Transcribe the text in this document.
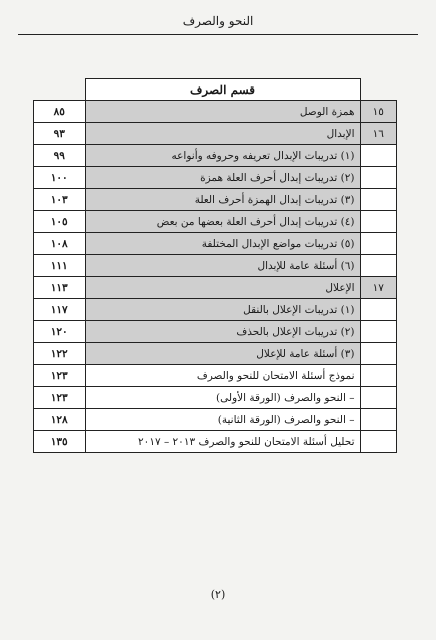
النحو والصرف
	قسم الصرف	
١٥	همزة الوصل	٨٥
١٦	الإبدال	٩٣
	(١) تدريبات الإبدال تعريفه وحروفه وأنواعه	٩٩
	(٢) تدريبات إبدال أحرف العلة همزة	١٠٠
	(٣) تدريبات إبدال الهمزة أحرف العلة	١٠٣
	(٤) تدريبات إبدال أحرف العلة بعضها من بعض	١٠٥
	(٥) تدريبات مواضع الإبدال المختلفة	١٠٨
	(٦) أسئلة عامة للإبدال	١١١
١٧	الإعلال	١١٣
	(١) تدريبات الإعلال بالنقل	١١٧
	(٢) تدريبات الإعلال بالحذف	١٢٠
	(٣) أسئلة عامة للإعلال	١٢٢
	نموذج أسئلة الامتحان للنحو والصرف	١٢٣
	– النحو والصرف (الورقة الأولى)	١٢٣
	– النحو والصرف (الورقة الثانية)	١٢٨
	تحليل أسئلة الامتحان للنحو والصرف ٢٠١٣ – ٢٠١٧	١٣٥
(٢)
